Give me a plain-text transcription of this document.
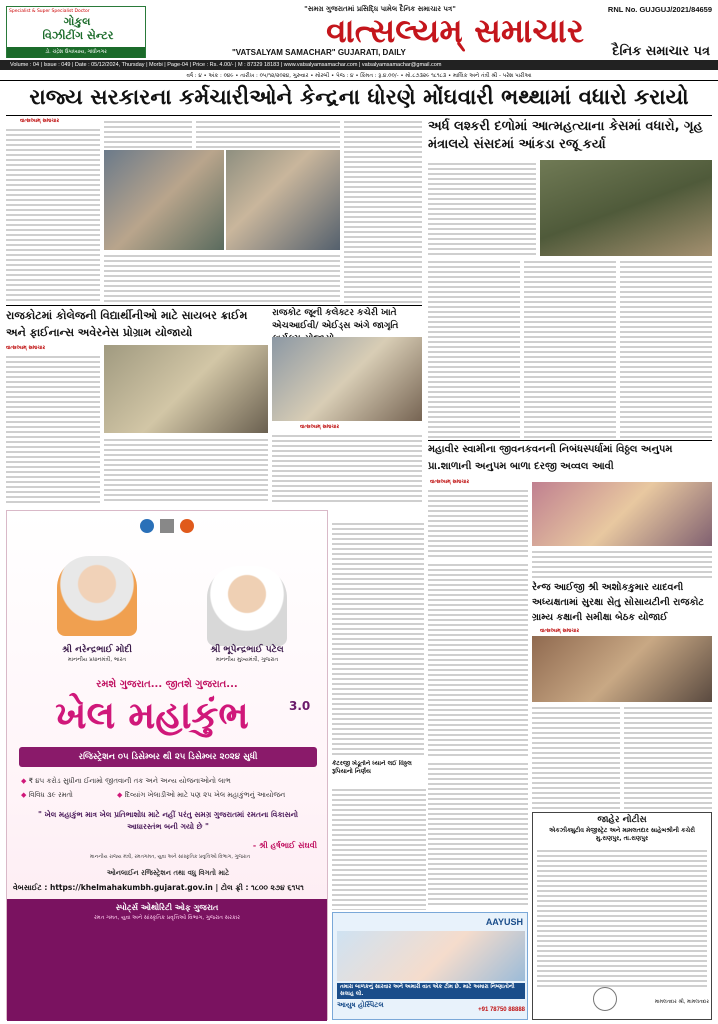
Specialist & Super Specialist Doctor
ગોકુલ
વિઝીટીંગ સેન્ટર
ડો. ચંદ્રેશ ઉપાધ્યાય, ગાંધીનગર
"સમગ્ર ગુજરાતમાં પ્રસિદ્ધિ પામેલ દૈનિક સમાચાર પત્ર"	RNL No. GUJGUJ/2021/84659
વાત્સલ્યમ્ સમાચાર
"VATSALYAM SAMACHAR" GUJARATI, DAILY	દૈનિક સમાચાર પત્ર
Volume : 04 | Issue : 049 | Date : 05/12/2024, Thursday | Morbi | Page-04 | Price : Rs. 4.00/- | M : 87329 18183 | www.vatsalyamsamachar.com | vatsalyamsamachar@gmail.com
વર્ષ : ૪ • અંક : ૦૪૯ • તારીખ : ૦૫/૧૨/૨૦૨૪, ગુરુવાર • મોરબી • પેજ : ૪ • કિંમત : રૂ.૪.૦૦/- • મો.૮૭૩૨૯ ૧૮૧૮૩ • માલિક અને તંત્રી શ્રી - પરેશ પારીઆ
રાજ્ય સરકારના કર્મચારીઓને કેન્દ્રના ધોરણે મોંઘવારી ભથ્થામાં વધારો કરાયો
વાત્સલ્યમ્ સમાચાર	અર્ધ લશ્કરી દળોમાં આત્મહત્યાના કેસમાં વધારો, ગૃહ મંત્રાલયે સંસદમાં આંકડા રજૂ કર્યા
રાજકોટમાં કોલેજની વિદ્યાર્થીનીઓ માટે સાયબર ક્રાઈમ અને ફાઈનાન્સ અવેરનેસ પ્રોગ્રામ યોજાયો
વાત્સલ્યમ્ સમાચાર
રાજકોટ જૂની કલેક્ટર કચેરી ખાતે એચઆઈવી/ એઈડ્સ અંગે જાગૃતિ
વાત્સલ્યમ્ સમાચાર
મહાવીર સ્વામીના જીવનકવનની નિબંધસ્પર્ધામાં વિઠ્ઠલ અનુપમ પ્રા.શાળાની અનુપમ બાળા દરજી અવ્વલ આવી
વાત્સલ્યમ્ સમાચાર
રેન્જ આઈજી શ્રી અશોકકુમાર યાદવની અધ્યક્ષતામાં સુરક્ષા સેતુ સોસાયટીની રાજકોટ ગ્રામ્ય કક્ષાની સમીક્ષા બેઠક યોજાઈ
વાત્સલ્યમ્ સમાચાર
કેટરજી ખેડૂતોને ધ્યાને લઈ વિઠ્ઠલ રૂપિયાનો નિર્ણય
શ્રી નરેન્દ્રભાઈ મોદી
માનનીય પ્રધાનમંત્રી, ભારત
શ્રી ભૂપેન્દ્રભાઈ પટેલ
માનનીય મુખ્યમંત્રી, ગુજરાત
રમશે ગુજરાત... જીતશે ગુજરાત...
ખેલ મહાકુંભ	3.0
રજિસ્ટ્રેશન ૦૫ ડિસેમ્બર થી ૨૫ ડિસેમ્બર ૨૦૨૪ સુધી
◆ ₹ ૪૫ કરોડ સુધીના ઈનામો જીતવાની તક અને અન્ય યોજનાઓનો લાભ
◆ વિવિધ ૩૯ રમતો	◆ દિવ્યાંગ ખેલાડીઓ માટે પણ ૨૫ ખેલ મહાકુંભનું આયોજન
" ખેલ મહાકુંભ માત્ર ખેલ પ્રતિભાશોધ માટે નહીં પરંતુ સમગ્ર ગુજરાતમાં રમતના વિકાસનો આધારસ્તંભ બની ગયો છે "
- શ્રી હર્ષભાઈ સંઘવી
માનનીય રાજ્ય મંત્રી, રમતગમત, યુવા અને સાંસ્કૃતિક પ્રવૃત્તિઓ વિભાગ, ગુજરાત
ઓનલાઈન રજિસ્ટ્રેશન તથા વધુ વિગતો માટે
વેબસાઈટ : https://khelmahakumbh.gujarat.gov.in | ટોલ ફ્રી : ૧૮૦૦ ૨૭૪ ૬૧૫૧
સ્પોર્ટ્સ ઓથોરિટી ઓફ ગુજરાત
રમત ગમત, યુવા અને સાંસ્કૃતિક પ્રવૃત્તિઓ વિભાગ, ગુજરાત સરકાર	AAYUSH
તમારા બાળકનું સારવાર અને અમારી વાત એક ટીમ છે. માટે અમારા નિષ્ણાતોની સલાહ લો.
આયુષ હોસ્પિટલ
+91 78750 88888
જાહેર નોટીસ
એકઝીક્યુટીવ મેજીસ્ટ્રેટ અને મામલતદાર સાહેબશ્રીની કચેરી મુ.રાણપુર, તા.રાણપુર
મામલતદાર શ્રી, મામલતદાર
